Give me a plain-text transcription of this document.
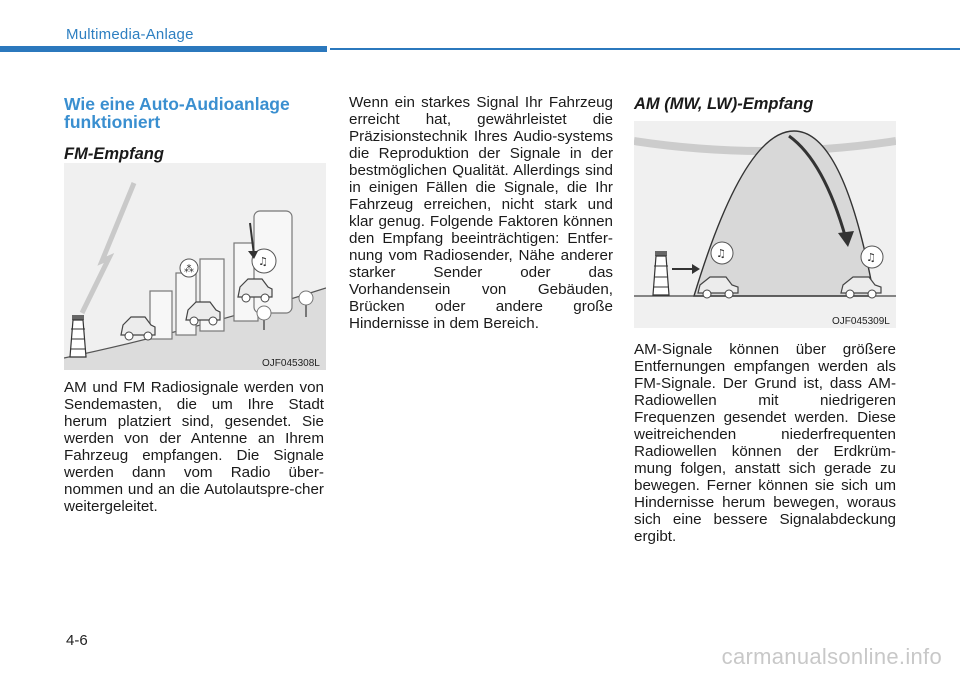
Multimedia-Anlage
Wie eine Auto-Audioanlage funktioniert
FM-Empfang
♫
⁂
OJF045308L
AM und FM Radiosignale werden von Sendemasten, die um Ihre Stadt herum platziert sind, gesendet. Sie werden von der Antenne an Ihrem Fahrzeug empfangen. Die Signale werden dann vom Radio über-nommen und an die Autolautspre-cher weitergeleitet.
Wenn ein starkes Signal Ihr Fahrzeug erreicht hat, gewährleistet die Präzisionstechnik Ihres Audio-systems die Reproduktion der Signale in der bestmöglichen Qualität. Allerdings sind in einigen Fällen die Signale, die Ihr Fahrzeug erreichen, nicht stark und klar genug. Folgende Faktoren können den Empfang beeinträchtigen: Entfer-nung vom Radiosender, Nähe anderer starker Sender oder das Vorhandensein von Gebäuden, Brücken oder andere große Hindernisse in dem Bereich.
AM (MW, LW)-Empfang
♫	♫
OJF045309L
AM-Signale können über größere Entfernungen empfangen werden als FM-Signale. Der Grund ist, dass AM-Radiowellen mit niedrigeren Frequenzen gesendet werden. Diese weitreichenden niederfrequenten Radiowellen können der Erdkrüm-mung folgen, anstatt sich gerade zu bewegen. Ferner können sie sich um Hindernisse herum bewegen, woraus sich eine bessere Signalabdeckung ergibt.
4-6
carmanualsonline.info
